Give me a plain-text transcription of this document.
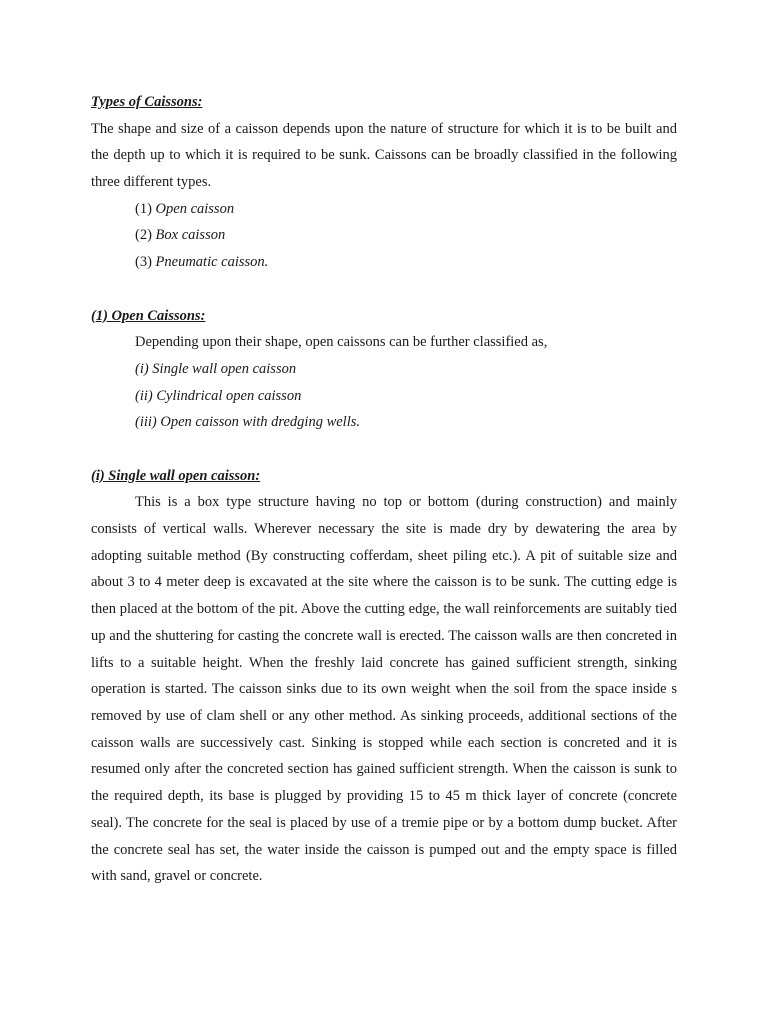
Types of Caissons:
The shape and size of a caisson depends upon the nature of structure for which it is to be built and the depth up to which it is required to be sunk. Caissons can be broadly classified in the following three different types.
(1) Open caisson
(2) Box caisson
(3) Pneumatic caisson.
(1) Open Caissons:
Depending upon their shape, open caissons can be further classified as,
(i) Single wall open caisson
(ii) Cylindrical open caisson
(iii) Open caisson with dredging wells.
(i) Single wall open caisson:
This is a box type structure having no top or bottom (during construction) and mainly consists of vertical walls. Wherever necessary the site is made dry by dewatering the area by adopting suitable method (By constructing cofferdam, sheet piling etc.). A pit of suitable size and about 3 to 4 meter deep is excavated at the site where the caisson is to be sunk. The cutting edge is then placed at the bottom of the pit. Above the cutting edge, the wall reinforcements are suitably tied up and the shuttering for casting the concrete wall is erected. The caisson walls are then concreted in lifts to a suitable height. When the freshly laid concrete has gained sufficient strength, sinking operation is started. The caisson sinks due to its own weight when the soil from the space inside s removed by use of clam shell or any other method. As sinking proceeds, additional sections of the caisson walls are successively cast. Sinking is stopped while each section is concreted and it is resumed only after the concreted section has gained sufficient strength. When the caisson is sunk to the required depth, its base is plugged by providing 15 to 45 m thick layer of concrete (concrete seal). The concrete for the seal is placed by use of a tremie pipe or by a bottom dump bucket. After the concrete seal has set, the water inside the caisson is pumped out and the empty space is filled with sand, gravel or concrete.
